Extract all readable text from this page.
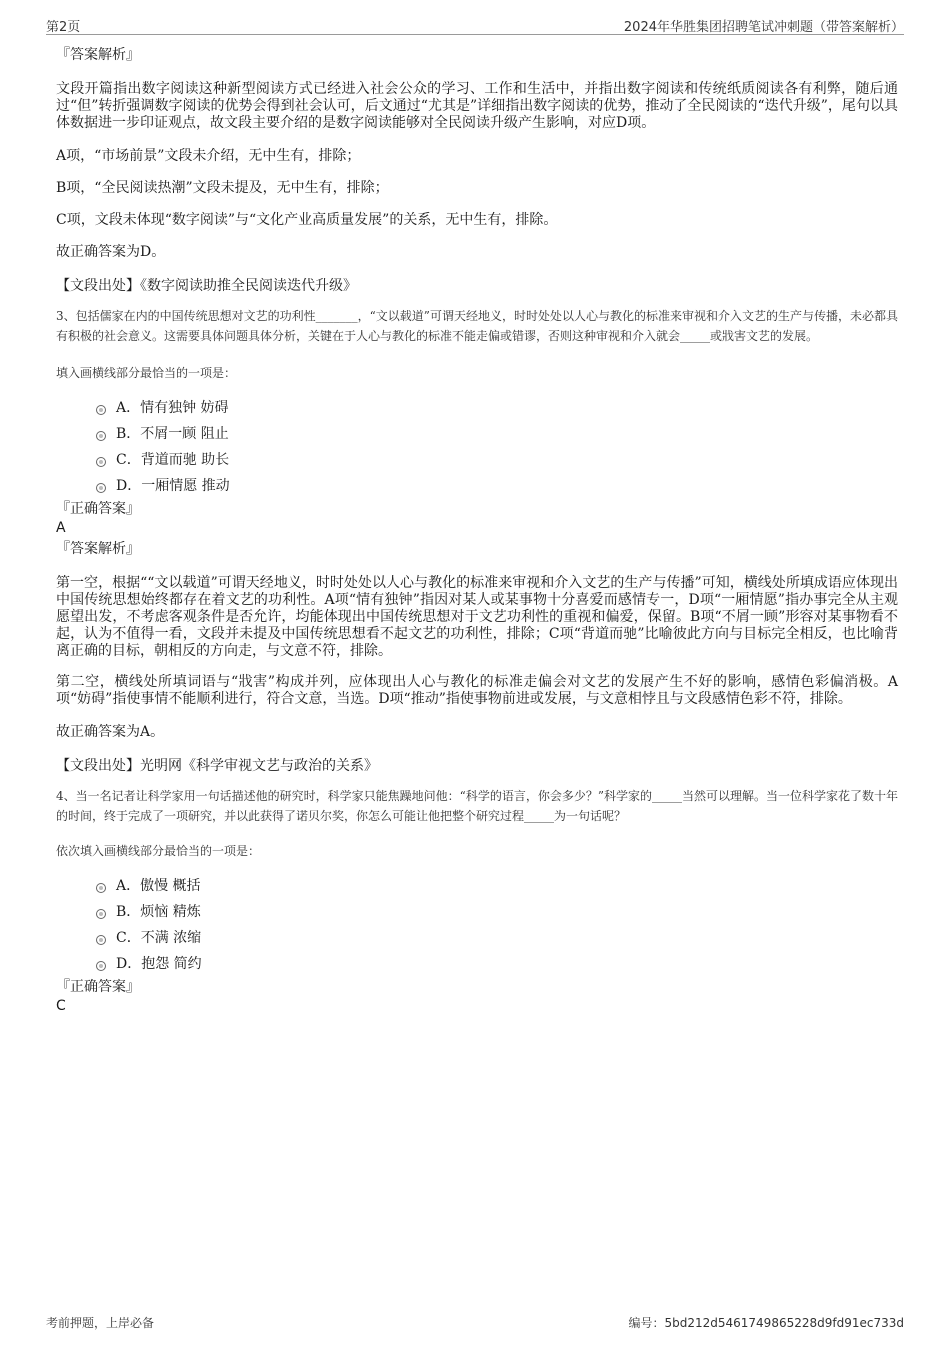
第2页	2024年华胜集团招聘笔试冲刺题（带答案解析）

『答案解析』

文段开篇指出数字阅读这种新型阅读方式已经进入社会公众的学习、工作和生活中，并指出数字阅读和传统纸质阅读各有利弊，随后通过“但”转折强调数字阅读的优势会得到社会认可，后文通过“尤其是”详细指出数字阅读的优势，推动了全民阅读的“迭代升级”，尾句以具体数据进一步印证观点，故文段主要介绍的是数字阅读能够对全民阅读升级产生影响，对应D项。

A项，“市场前景”文段未介绍，无中生有，排除；

B项，“全民阅读热潮”文段未提及，无中生有，排除；

C项，文段未体现“数字阅读”与“文化产业高质量发展”的关系，无中生有，排除。

故正确答案为D。

【文段出处】《数字阅读助推全民阅读迭代升级》

3、包括儒家在内的中国传统思想对文艺的功利性_______，“文以载道”可谓天经地义，时时处处以人心与教化的标准来审视和介入文艺的生产与传播，未必都具有积极的社会意义。这需要具体问题具体分析，关键在于人心与教化的标准不能走偏或错谬，否则这种审视和介入就会_____或戕害文艺的发展。

填入画横线部分最恰当的一项是：

A．情有独钟 妨碍
B．不屑一顾 阻止
C．背道而驰 助长
D．一厢情愿 推动

『正确答案』

A

『答案解析』

第一空，根据““文以载道”可谓天经地义，时时处处以人心与教化的标准来审视和介入文艺的生产与传播”可知，横线处所填成语应体现出中国传统思想始终都存在着文艺的功利性。A项“情有独钟”指因对某人或某事物十分喜爱而感情专一，D项“一厢情愿”指办事完全从主观愿望出发，不考虑客观条件是否允许，均能体现出中国传统思想对于文艺功利性的重视和偏爱，保留。B项“不屑一顾”形容对某事物看不起，认为不值得一看，文段并未提及中国传统思想看不起文艺的功利性，排除；C项“背道而驰”比喻彼此方向与目标完全相反，也比喻背离正确的目标，朝相反的方向走，与文意不符，排除。

第二空，横线处所填词语与“戕害”构成并列，应体现出人心与教化的标准走偏会对文艺的发展产生不好的影响，感情色彩偏消极。A项“妨碍”指使事情不能顺利进行，符合文意，当选。D项“推动”指使事物前进或发展，与文意相悖且与文段感情色彩不符，排除。

故正确答案为A。

【文段出处】光明网《科学审视文艺与政治的关系》

4、当一名记者让科学家用一句话描述他的研究时，科学家只能焦躁地问他：“科学的语言，你会多少？”科学家的_____当然可以理解。当一位科学家花了数十年的时间，终于完成了一项研究，并以此获得了诺贝尔奖，你怎么可能让他把整个研究过程_____为一句话呢？

依次填入画横线部分最恰当的一项是：

A．傲慢 概括
B．烦恼 精炼
C．不满 浓缩
D．抱怨 简约

『正确答案』

C

考前押题，上岸必备	编号：5bd212d5461749865228d9fd91ec733d
